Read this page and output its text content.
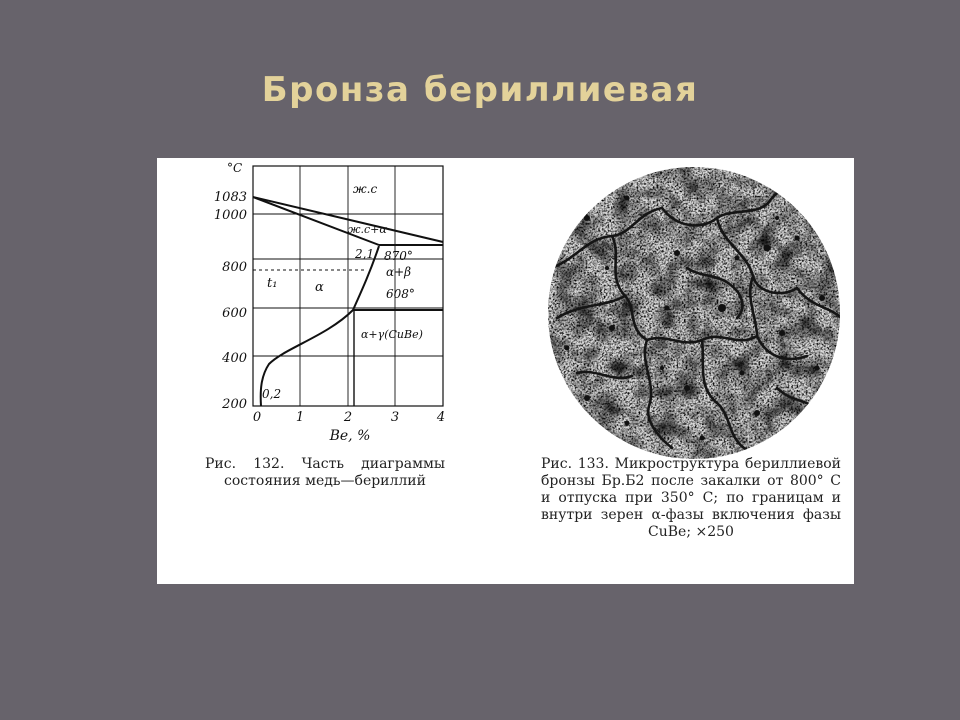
Бронза бериллиевая
°C
1083
1000
800
600
400
200
0	1	2	3	4
Be, %
ж.с
ж.с+α
α
α+β
α+γ(CuBe)
870°
608°
2,1
0,2
t₁
Рис. 132. Часть диаграммы состояния медь—бериллий
Рис. 133. Микроструктура бериллиевой бронзы Бр.Б2 после закалки от 800° С и отпуска при 350° С; по границам и внутри зерен α-фазы включения фазы CuBe; ×250
